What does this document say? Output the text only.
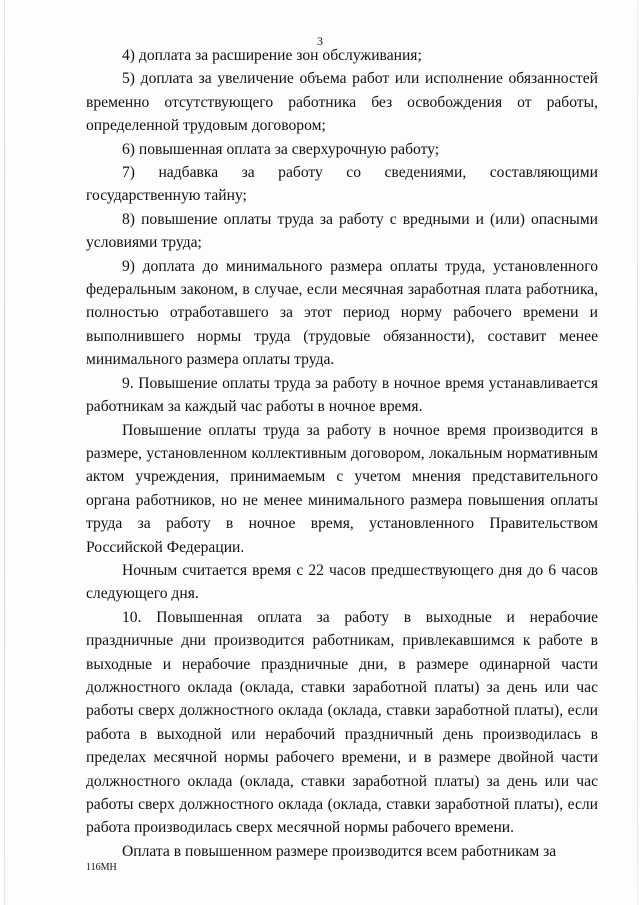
3

4) доплата за расширение зон обслуживания;

5) доплата за увеличение объема работ или исполнение обязанностей временно отсутствующего работника без освобождения от работы, определенной трудовым договором;

6) повышенная оплата за сверхурочную работу;

7) надбавка за работу со сведениями, составляющими государственную тайну;

8) повышение оплаты труда за работу с вредными и (или) опасными условиями труда;

9) доплата до минимального размера оплаты труда, установленного федеральным законом, в случае, если месячная заработная плата работника, полностью отработавшего за этот период норму рабочего времени и выполнившего нормы труда (трудовые обязанности), составит менее минимального размера оплаты труда.

9. Повышение оплаты труда за работу в ночное время устанавливается работникам за каждый час работы в ночное время.

Повышение оплаты труда за работу в ночное время производится в размере, установленном коллективным договором, локальным нормативным актом учреждения, принимаемым с учетом мнения представительного органа работников, но не менее минимального размера повышения оплаты труда за работу в ночное время, установленного Правительством Российской Федерации.

Ночным считается время с 22 часов предшествующего дня до 6 часов следующего дня.

10. Повышенная оплата за работу в выходные и нерабочие праздничные дни производится работникам, привлекавшимся к работе в выходные и нерабочие праздничные дни, в размере одинарной части должностного оклада (оклада, ставки заработной платы) за день или час работы сверх должностного оклада (оклада, ставки заработной платы), если работа в выходной или нерабочий праздничный день производилась в пределах месячной нормы рабочего времени, и в размере двойной части должностного оклада (оклада, ставки заработной платы) за день или час работы сверх должностного оклада (оклада, ставки заработной платы), если работа производилась сверх месячной нормы рабочего времени.

Оплата в повышенном размере производится всем работникам за

116МН
